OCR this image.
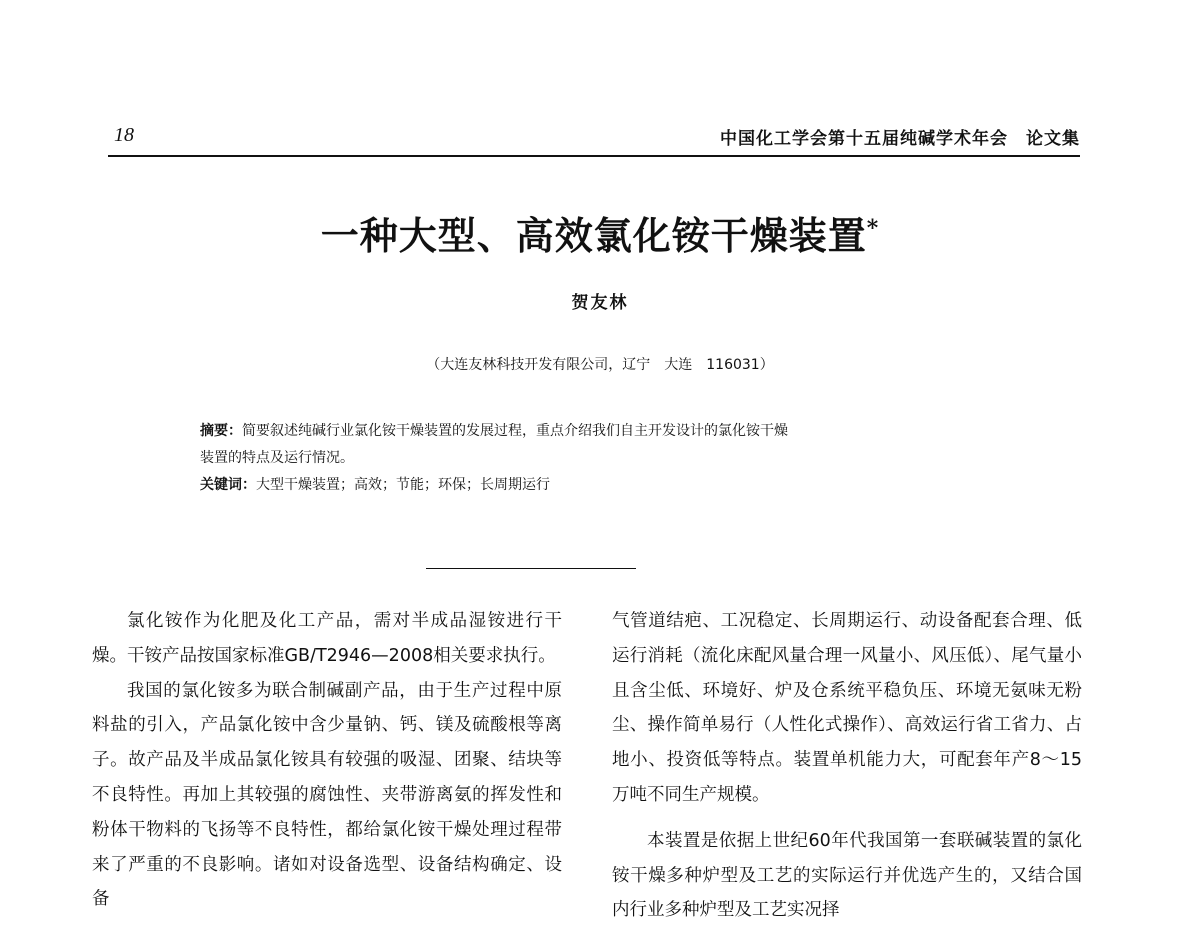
18	中国化工学会第十五届纯碱学术年会　论文集
一种大型、高效氯化铵干燥装置*
贺友林
（大连友林科技开发有限公司，辽宁　大连　116031）

摘要：简要叙述纯碱行业氯化铵干燥装置的发展过程，重点介绍我们自主开发设计的氯化铵干燥

装置的特点及运行情况。

关键词：大型干燥装置；高效；节能；环保；长周期运行

氯化铵作为化肥及化工产品，需对半成品湿铵进行干燥。干铵产品按国家标准GB/T2946—2008相关要求执行。

我国的氯化铵多为联合制碱副产品，由于生产过程中原料盐的引入，产品氯化铵中含少量钠、钙、镁及硫酸根等离子。故产品及半成品氯化铵具有较强的吸湿、团聚、结块等不良特性。再加上其较强的腐蚀性、夹带游离氨的挥发性和粉体干物料的飞扬等不良特性，都给氯化铵干燥处理过程带来了严重的不良影响。诸如对设备选型、设备结构确定、设备

气管道结疤、工况稳定、长周期运行、动设备配套合理、低运行消耗（流化床配风量合理一风量小、风压低）、尾气量小且含尘低、环境好、炉及仓系统平稳负压、环境无氨味无粉尘、操作简单易行（人性化式操作）、高效运行省工省力、占地小、投资低等特点。装置单机能力大，可配套年产8～15万吨不同生产规模。

本装置是依据上世纪60年代我国第一套联碱装置的氯化铵干燥多种炉型及工艺的实际运行并优选产生的，又结合国内行业多种炉型及工艺实况择
